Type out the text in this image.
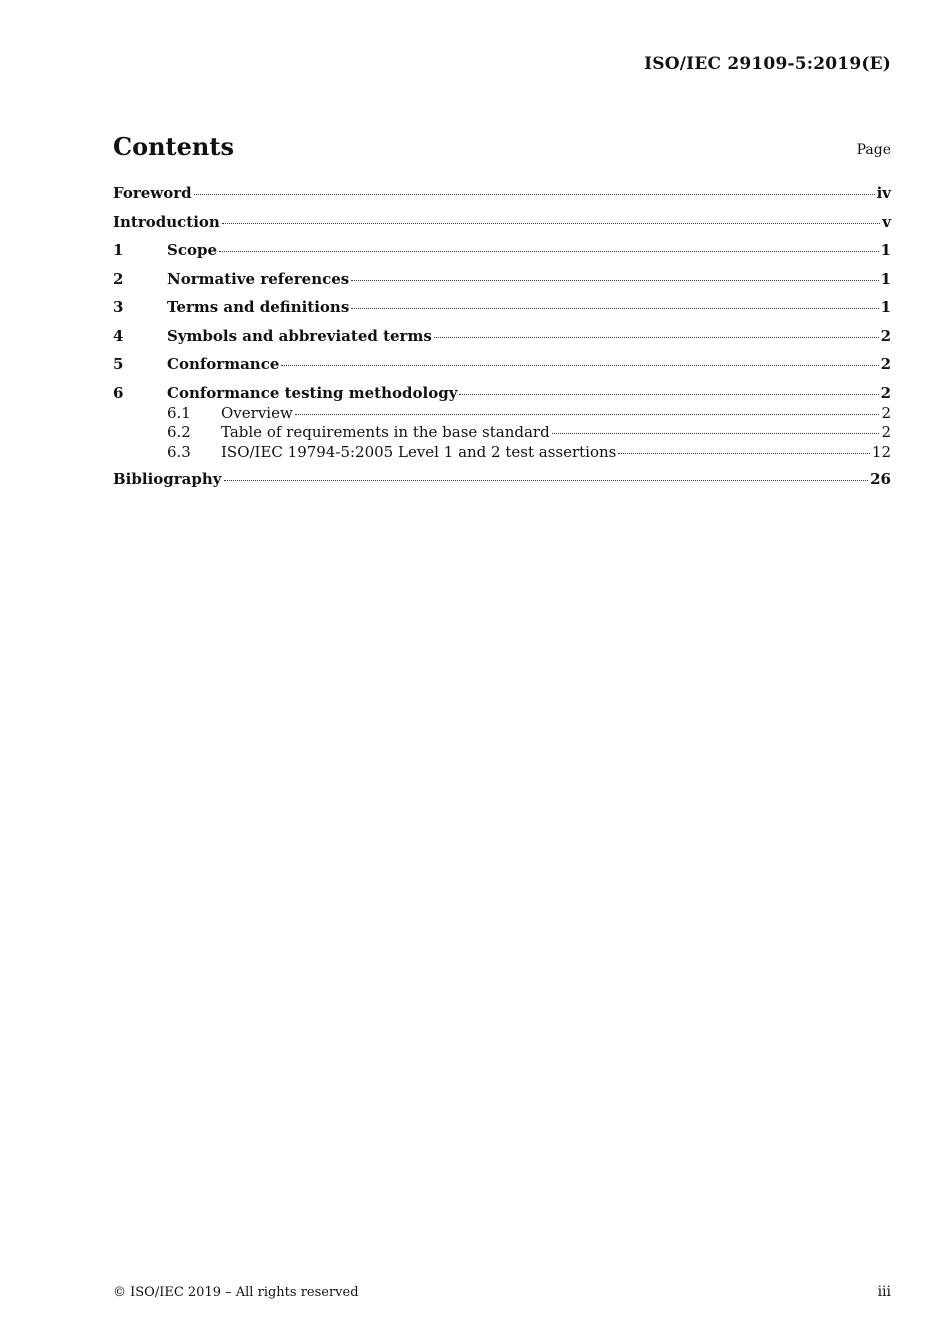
ISO/IEC 29109-5:2019(E)
Contents	Page
Foreword	iv
Introduction	v
1	Scope	1
2	Normative references	1
3	Terms and definitions	1
4	Symbols and abbreviated terms	2
5	Conformance	2
6	Conformance testing methodology	2
6.1	Overview	2
6.2	Table of requirements in the base standard	2
6.3	ISO/IEC 19794-5:2005 Level 1 and 2 test assertions	12
Bibliography	26
© ISO/IEC 2019 – All rights reserved	iii
